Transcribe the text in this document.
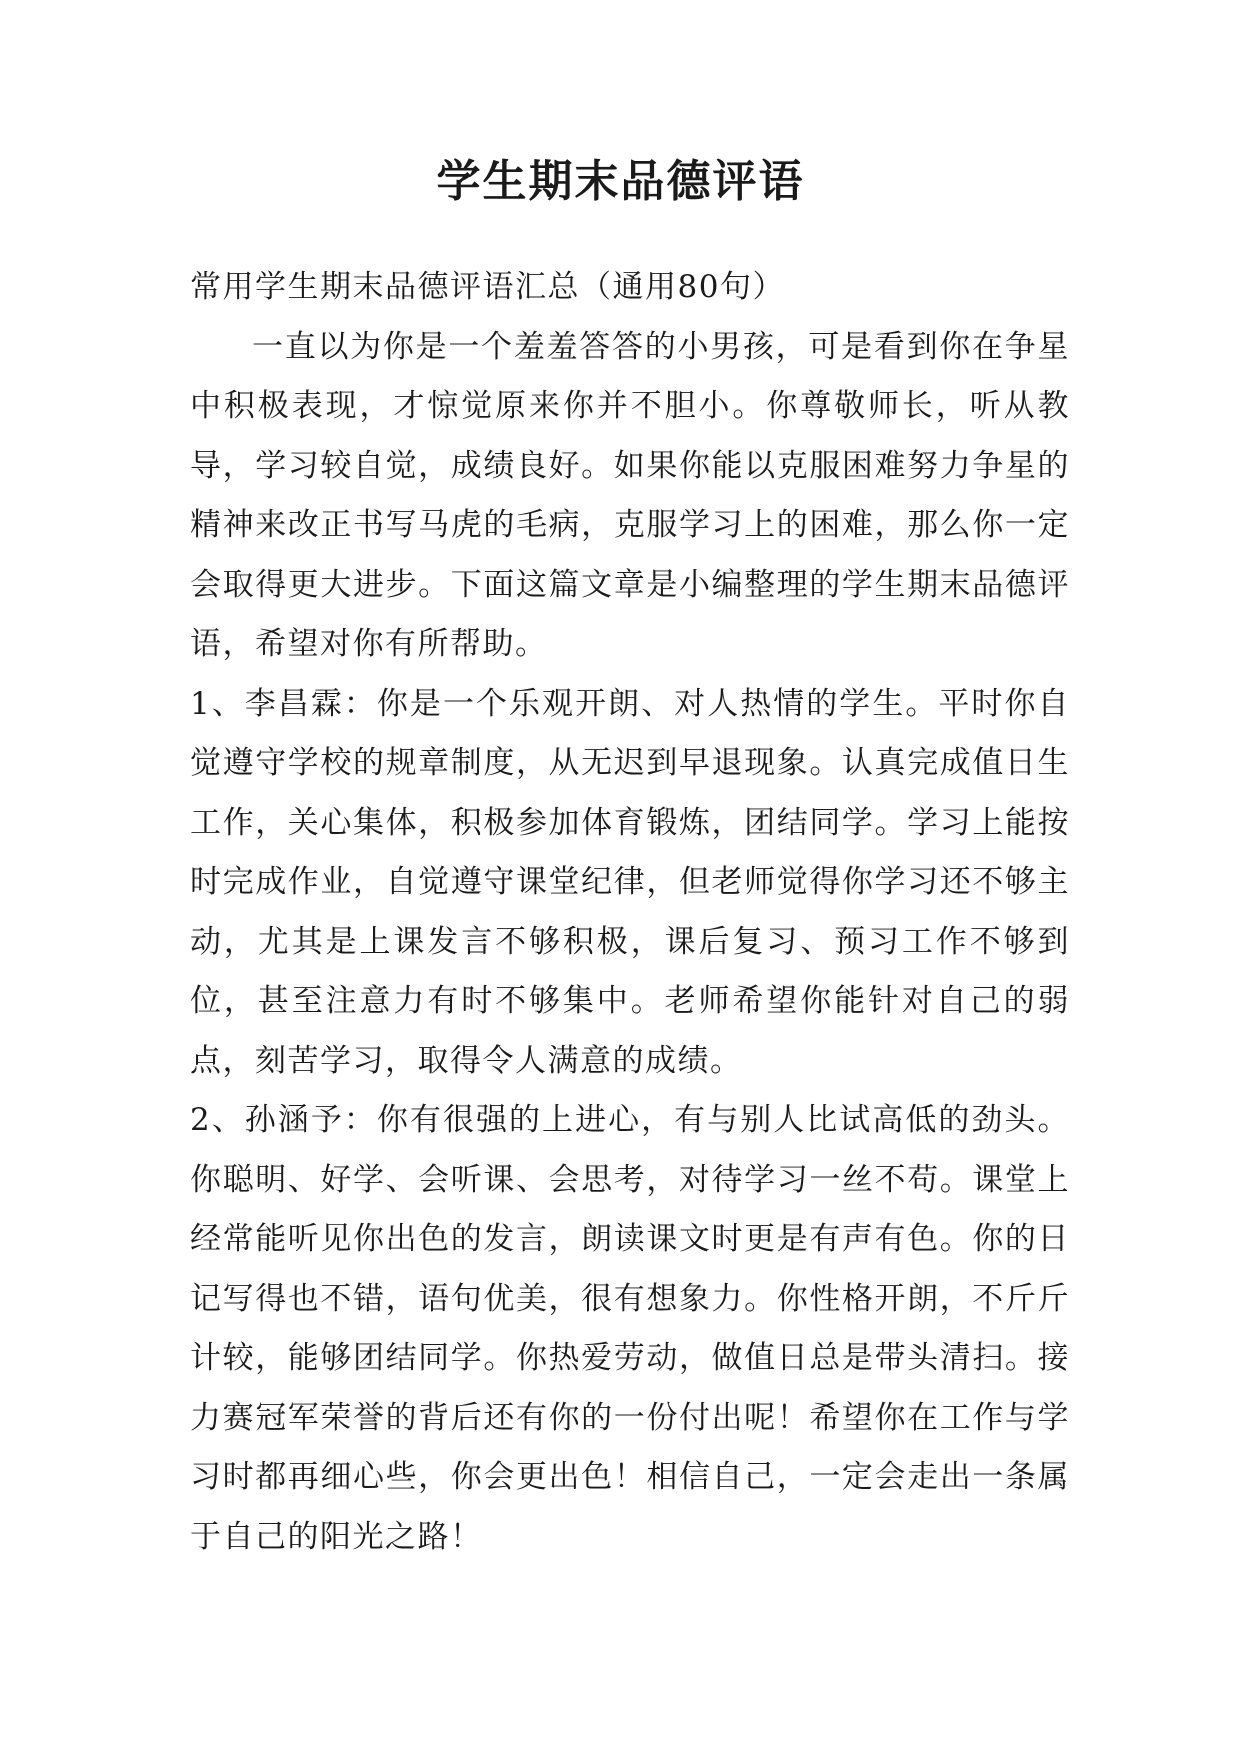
学生期末品德评语

常用学生期末品德评语汇总（通用80句）

一直以为你是一个羞羞答答的小男孩，可是看到你在争星中积极表现，才惊觉原来你并不胆小。你尊敬师长，听从教导，学习较自觉，成绩良好。如果你能以克服困难努力争星的精神来改正书写马虎的毛病，克服学习上的困难，那么你一定会取得更大进步。下面这篇文章是小编整理的学生期末品德评语，希望对你有所帮助。

1、李昌霖：你是一个乐观开朗、对人热情的学生。平时你自觉遵守学校的规章制度，从无迟到早退现象。认真完成值日生工作，关心集体，积极参加体育锻炼，团结同学。学习上能按时完成作业，自觉遵守课堂纪律，但老师觉得你学习还不够主动，尤其是上课发言不够积极，课后复习、预习工作不够到位，甚至注意力有时不够集中。老师希望你能针对自己的弱点，刻苦学习，取得令人满意的成绩。

2、孙涵予：你有很强的上进心，有与别人比试高低的劲头。你聪明、好学、会听课、会思考，对待学习一丝不苟。课堂上经常能听见你出色的发言，朗读课文时更是有声有色。你的日记写得也不错，语句优美，很有想象力。你性格开朗，不斤斤计较，能够团结同学。你热爱劳动，做值日总是带头清扫。接力赛冠军荣誉的背后还有你的一份付出呢！希望你在工作与学习时都再细心些，你会更出色！相信自己，一定会走出一条属于自己的阳光之路！
